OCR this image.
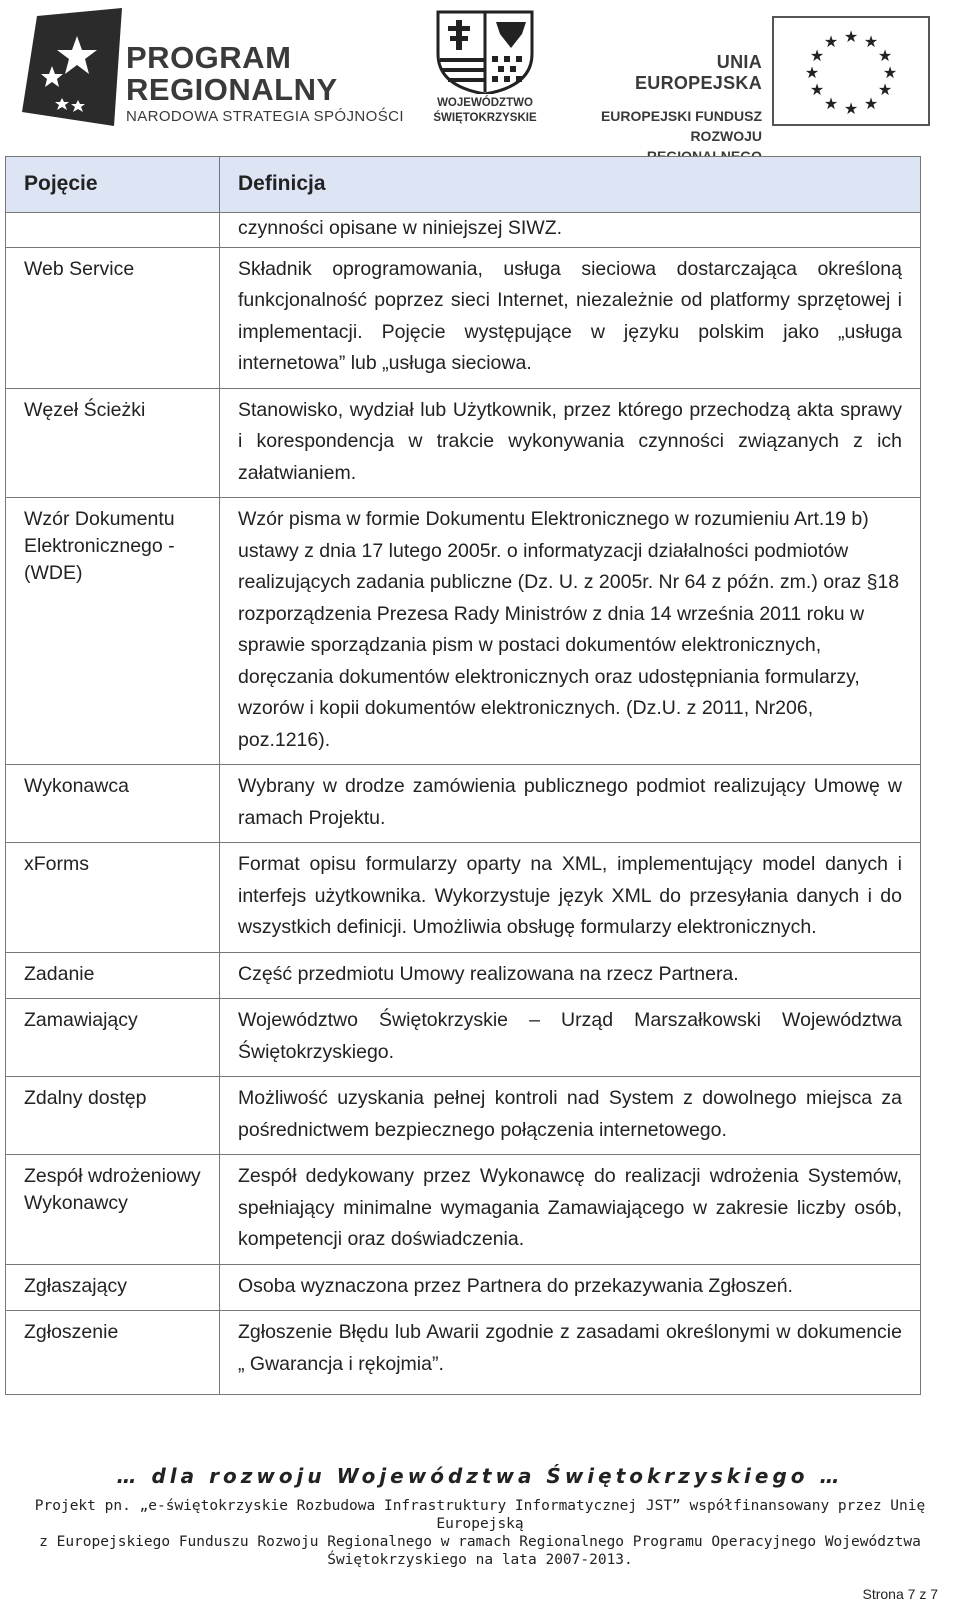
PROGRAM
REGIONALNY
NARODOWA STRATEGIA SPÓJNOŚCI
WOJEWÓDZTWO
ŚWIĘTOKRZYSKIE
UNIA EUROPEJSKA
EUROPEJSKI FUNDUSZ
ROZWOJU
★ ★
★
★
★
★
★
★
★
★
★
★
Pojęcie	Definicja
	czynności opisane w niniejszej SIWZ.
Web Service	Składnik oprogramowania, usługa sieciowa dostarczająca określoną funkcjonalność poprzez sieci Internet, niezależnie od platformy sprzętowej i implementacji. Pojęcie występujące w języku polskim jako „usługa internetowa” lub „usługa sieciowa.
Węzeł Ścieżki	Stanowisko, wydział lub Użytkownik, przez którego przechodzą akta sprawy i korespondencja w trakcie wykonywania czynności związanych z ich załatwianiem.
Wzór Dokumentu Elektronicznego - (WDE)	Wzór pisma w formie Dokumentu Elektronicznego w rozumieniu Art.19 b) ustawy z dnia 17 lutego 2005r. o informatyzacji działalności podmiotów realizujących zadania publiczne (Dz. U. z 2005r. Nr 64 z późn. zm.) oraz §18 rozporządzenia Prezesa Rady Ministrów z dnia 14 września 2011 roku w sprawie sporządzania pism w postaci dokumentów elektronicznych, doręczania dokumentów elektronicznych oraz udostępniania formularzy, wzorów i kopii dokumentów elektronicznych. (Dz.U. z 2011, Nr206, poz.1216).
Wykonawca	Wybrany w drodze zamówienia publicznego podmiot realizujący Umowę w ramach Projektu.
xForms	Format opisu formularzy oparty na XML, implementujący model danych i interfejs użytkownika. Wykorzystuje język XML do przesyłania danych i do wszystkich definicji. Umożliwia obsługę formularzy elektronicznych.
Zadanie	Część przedmiotu Umowy realizowana na rzecz Partnera.
Zamawiający	Województwo Świętokrzyskie – Urząd Marszałkowski Województwa Świętokrzyskiego.
Zdalny dostęp	Możliwość uzyskania pełnej kontroli nad System z dowolnego miejsca za pośrednictwem bezpiecznego połączenia internetowego.
Zespół wdrożeniowy Wykonawcy	Zespół dedykowany przez Wykonawcę do realizacji wdrożenia Systemów, spełniający minimalne wymagania Zamawiającego w zakresie liczby osób, kompetencji oraz doświadczenia.
Zgłaszający	Osoba wyznaczona przez Partnera do przekazywania Zgłoszeń.
Zgłoszenie	Zgłoszenie Błędu lub Awarii zgodnie z zasadami określonymi w dokumencie „ Gwarancja i rękojmia”.
… dla rozwoju Województwa Świętokrzyskiego …
Projekt pn. „e-świętokrzyskie Rozbudowa Infrastruktury Informatycznej JST” współfinansowany przez Unię Europejską
z Europejskiego Funduszu Rozwoju Regionalnego w ramach Regionalnego Programu Operacyjnego Województwa
Świętokrzyskiego na lata 2007-2013.
Strona 7 z 7
